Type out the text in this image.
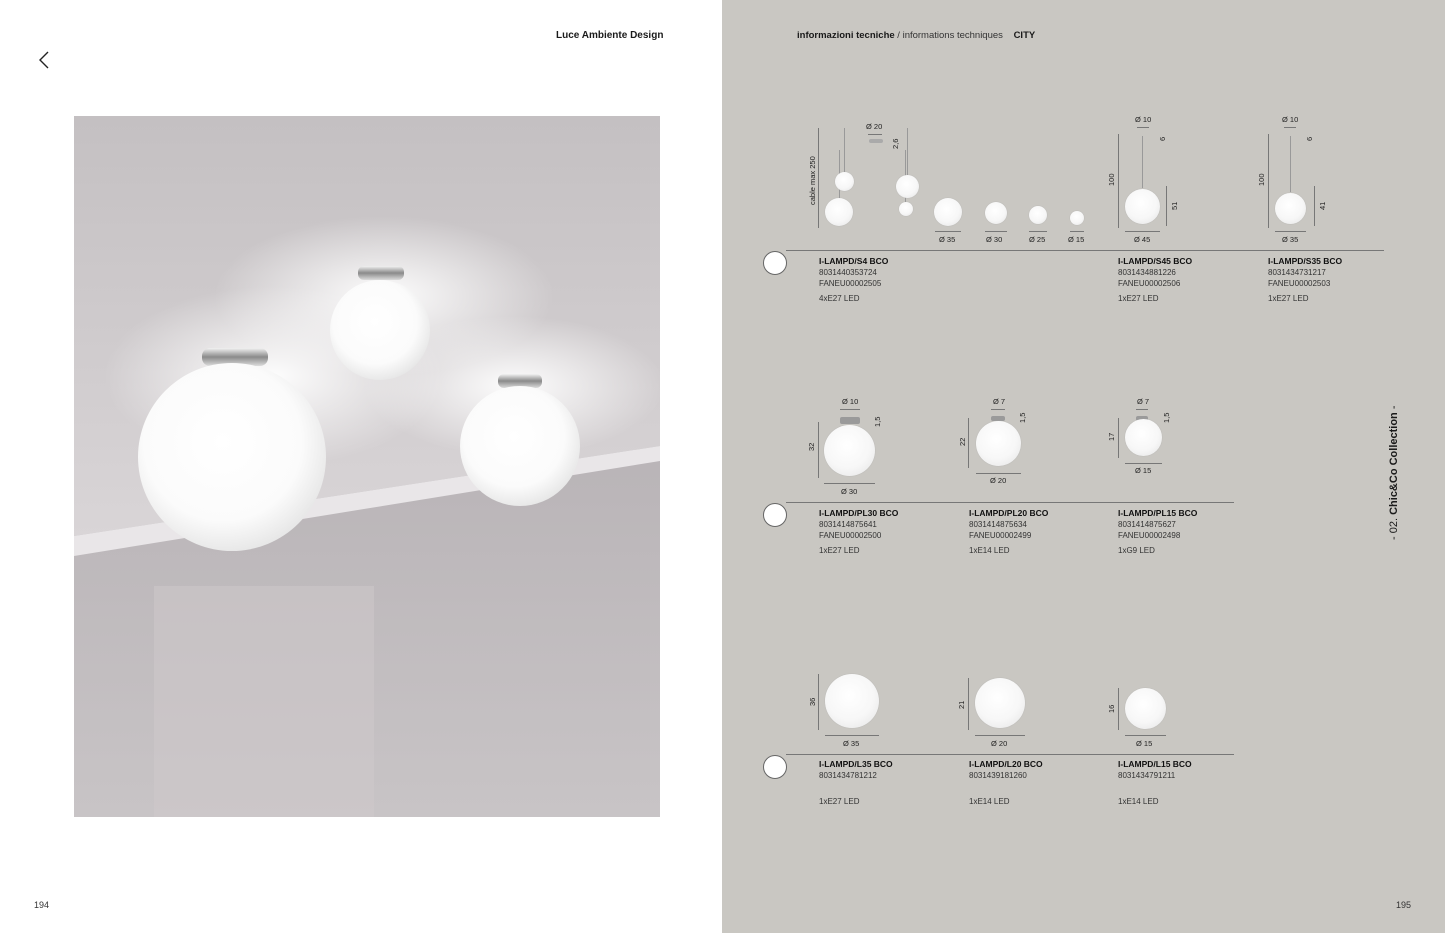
Luce Ambiente Design
194
informazioni tecniche / informations techniques CITY
- 02. Chic&Co Collection -
cable max 250
Ø 20
2,6
Ø 35	Ø 30	Ø 25	Ø 15
Ø 10
6
100
51
Ø 45
Ø 10
6
100
41
Ø 35
I-LAMPD/S4 BCO
8031440353724
FANEU00002505
4xE27 LED
I-LAMPD/S45 BCO
8031434881226
FANEU00002506
1xE27 LED
I-LAMPD/S35 BCO
8031434731217
FANEU00002503
1xE27 LED
Ø 10
1,5
32
Ø 30
Ø 7
1,5
22
Ø 20
Ø 7
1,5
17
Ø 15
I-LAMPD/PL30 BCO
8031414875641
FANEU00002500
1xE27 LED
I-LAMPD/PL20 BCO
8031414875634
FANEU00002499
1xE14 LED
I-LAMPD/PL15 BCO
8031414875627
FANEU00002498
1xG9 LED
36
Ø 35
21
Ø 20
16
Ø 15
I-LAMPD/L35 BCO
8031434781212
1xE27 LED
I-LAMPD/L20 BCO
8031439181260
1xE14 LED
I-LAMPD/L15 BCO
8031434791211
1xE14 LED
195
